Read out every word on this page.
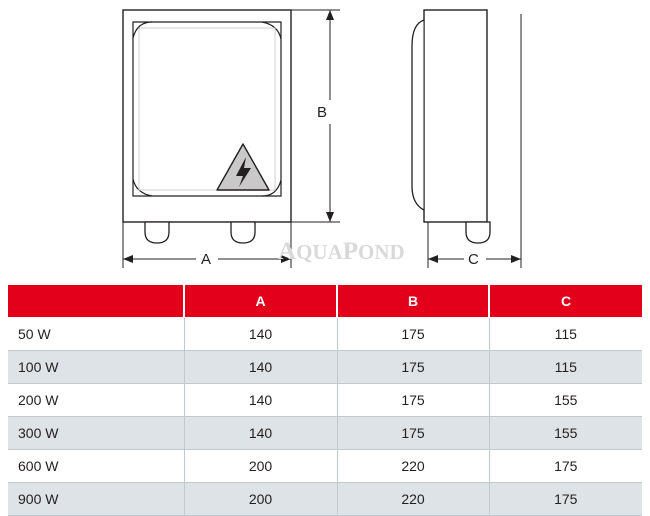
B
A	C
AQUAPOND
	A	B	C
50 W	140	175	115
100 W	140	175	115
200 W	140	175	155
300 W	140	175	155
600 W	200	220	175
900 W	200	220	175
